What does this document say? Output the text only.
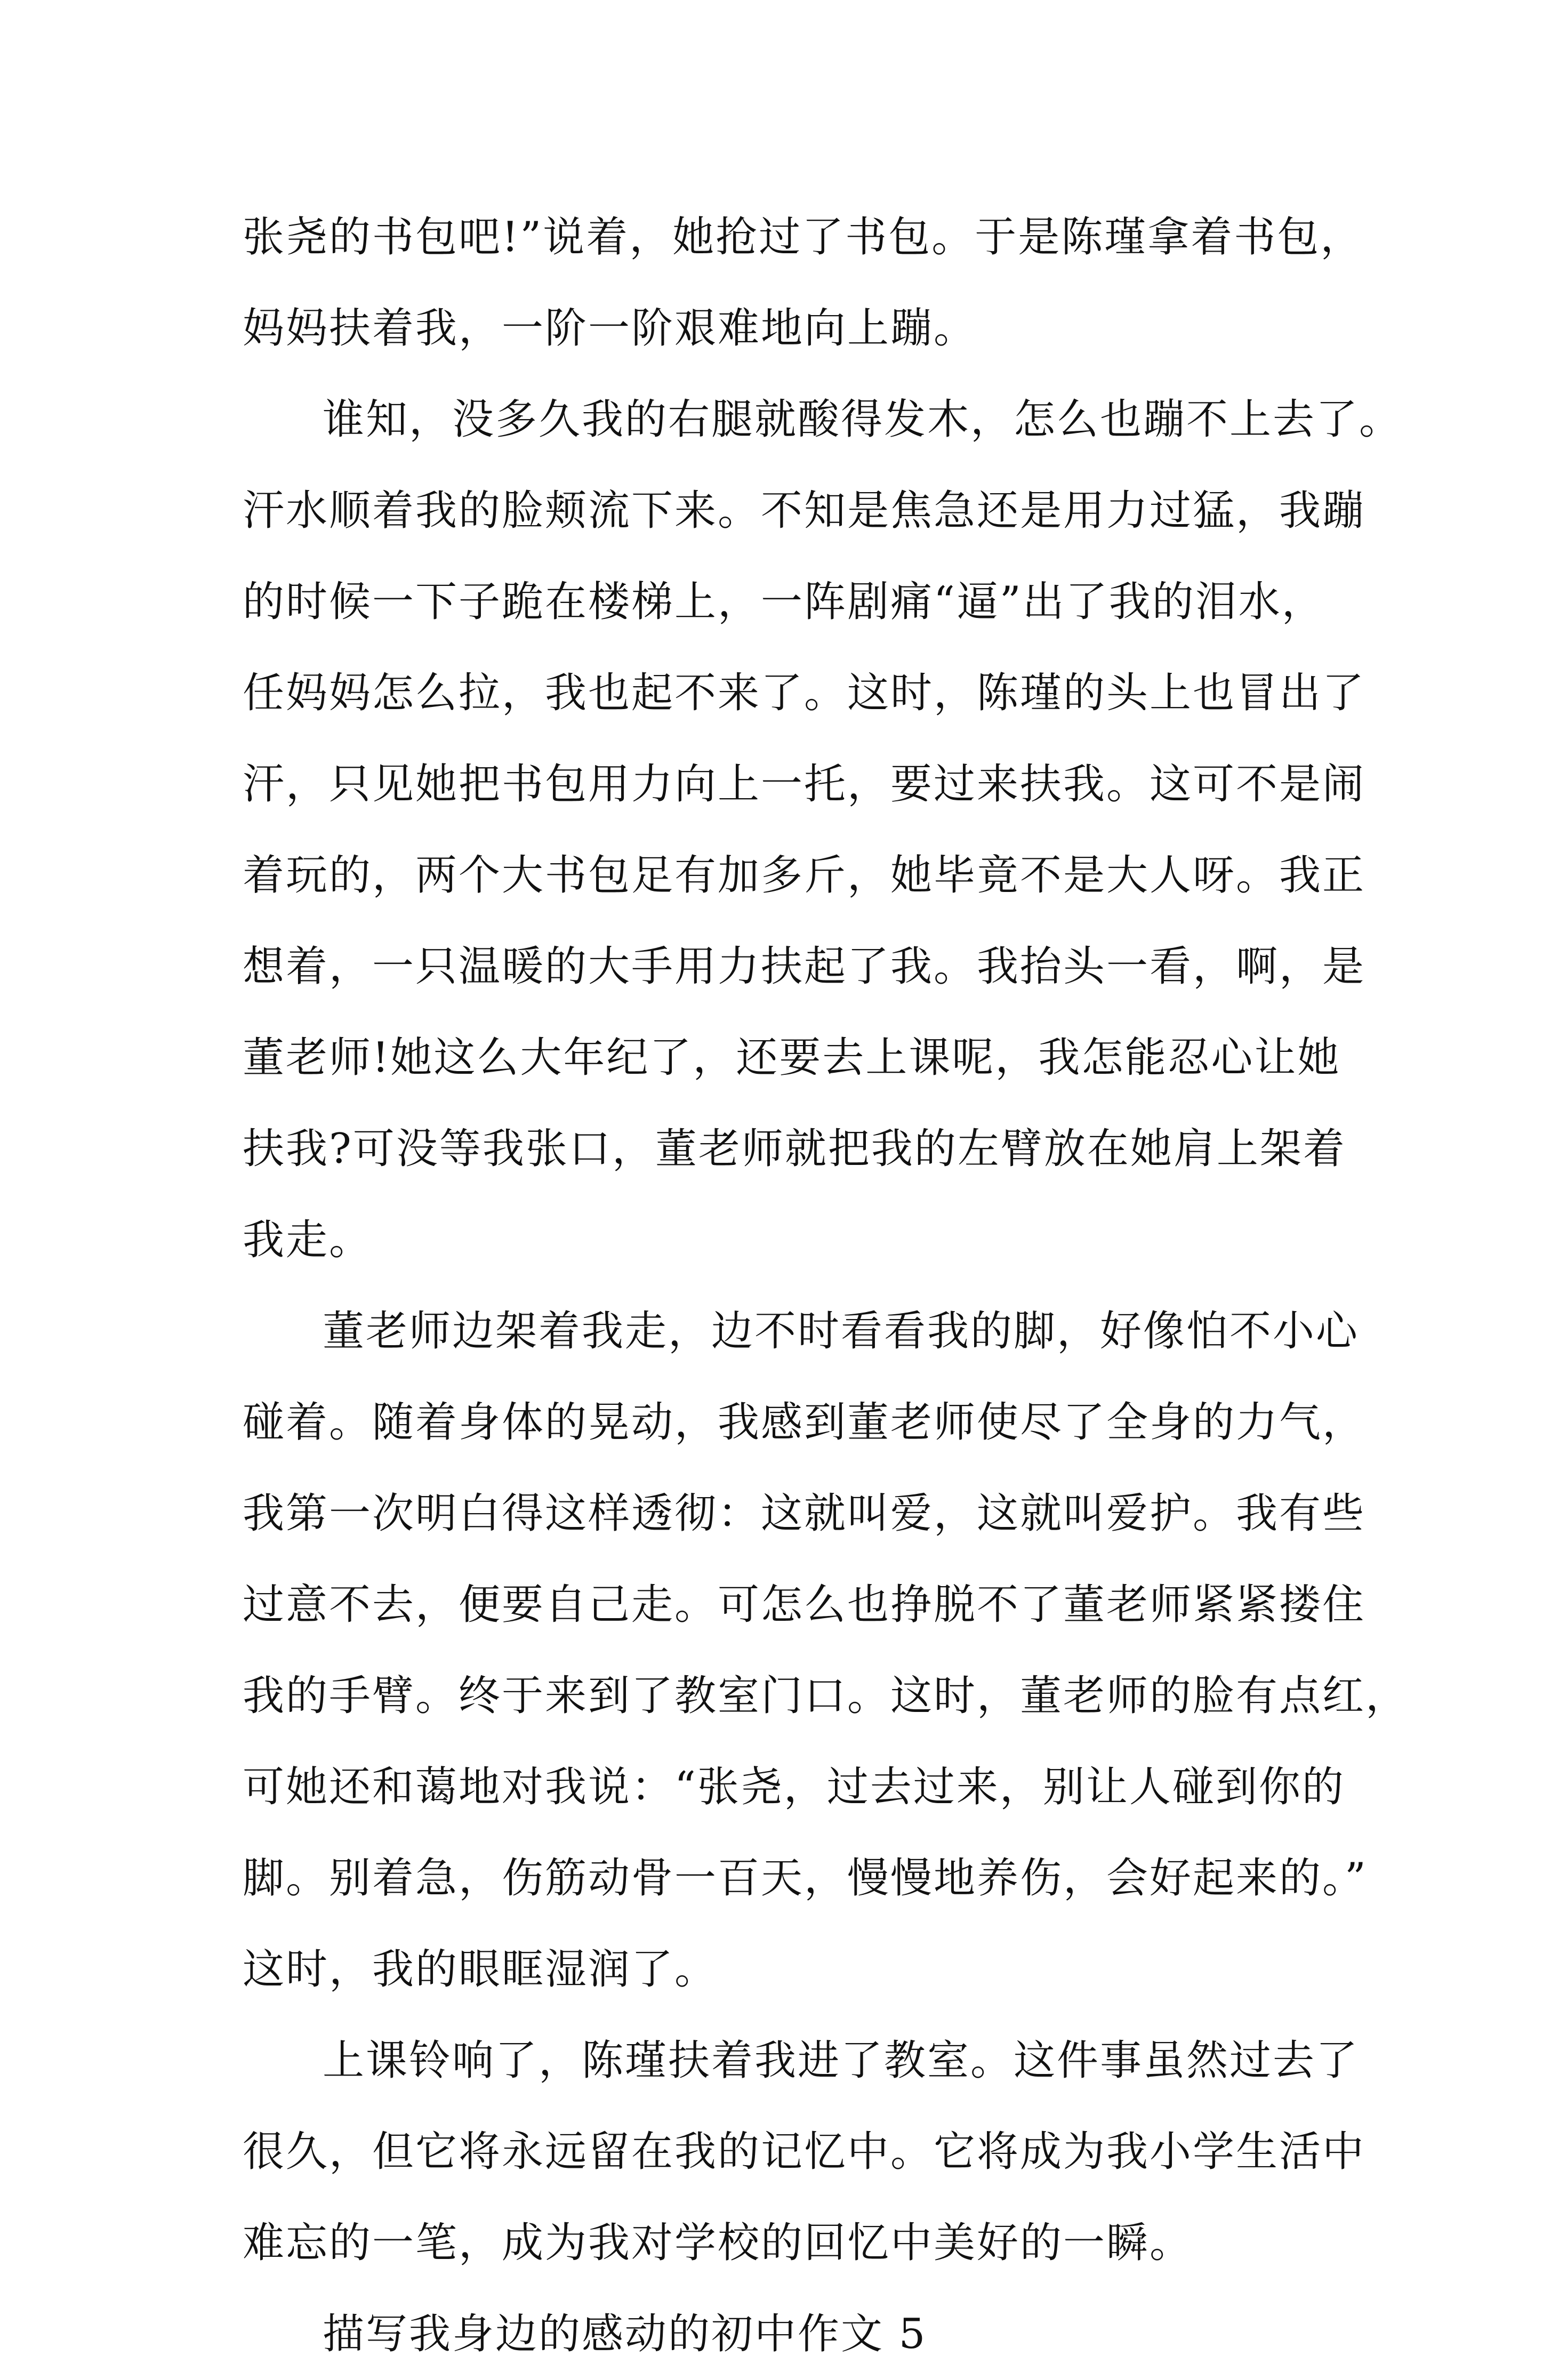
张尧的书包吧!”说着，她抢过了书包。于是陈瑾拿着书包，
妈妈扶着我，一阶一阶艰难地向上蹦。
谁知，没多久我的右腿就酸得发木，怎么也蹦不上去了。
汗水顺着我的脸颊流下来。不知是焦急还是用力过猛，我蹦
的时候一下子跪在楼梯上，一阵剧痛“逼”出了我的泪水，
任妈妈怎么拉，我也起不来了。这时，陈瑾的头上也冒出了
汗，只见她把书包用力向上一托，要过来扶我。这可不是闹
着玩的，两个大书包足有加多斤，她毕竟不是大人呀。我正
想着，一只温暖的大手用力扶起了我。我抬头一看，啊，是
董老师!她这么大年纪了，还要去上课呢，我怎能忍心让她
扶我?可没等我张口，董老师就把我的左臂放在她肩上架着
我走。
董老师边架着我走，边不时看看我的脚，好像怕不小心
碰着。随着身体的晃动，我感到董老师使尽了全身的力气，
我第一次明白得这样透彻：这就叫爱，这就叫爱护。我有些
过意不去，便要自己走。可怎么也挣脱不了董老师紧紧搂住
我的手臂。终于来到了教室门口。这时，董老师的脸有点红，
可她还和蔼地对我说：“张尧，过去过来，别让人碰到你的
脚。别着急，伤筋动骨一百天，慢慢地养伤，会好起来的。”
这时，我的眼眶湿润了。
上课铃响了，陈瑾扶着我进了教室。这件事虽然过去了
很久，但它将永远留在我的记忆中。它将成为我小学生活中
难忘的一笔，成为我对学校的回忆中美好的一瞬。
描写我身边的感动的初中作文 5
